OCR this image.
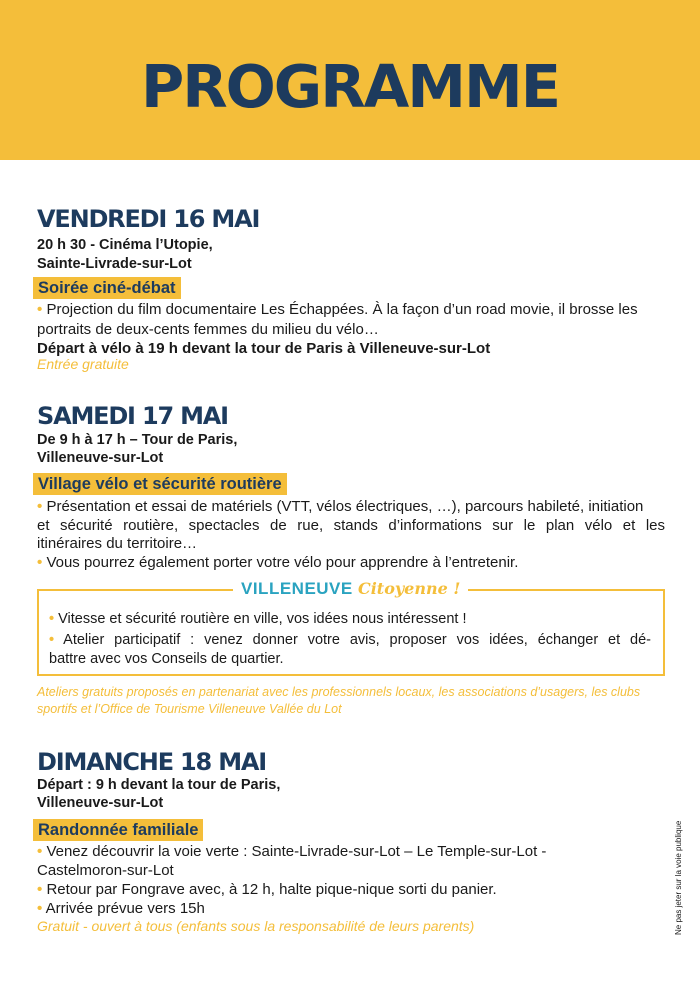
PROGRAMME
VENDREDI 16 MAI
20 h 30 - Cinéma l’Utopie,
Sainte-Livrade-sur-Lot
Soirée ciné-débat
• Projection du film documentaire Les Échappées. À la façon d’un road movie, il brosse les
portraits de deux-cents femmes du milieu du vélo…
Départ à vélo à 19 h devant la tour de Paris à Villeneuve-sur-Lot
Entrée gratuite
SAMEDI 17 MAI
De 9 h à 17 h – Tour de Paris,
Villeneuve-sur-Lot
Village vélo et sécurité routière
• Présentation et essai de matériels (VTT, vélos électriques, …), parcours habileté, initiation
et sécurité routière, spectacles de rue, stands d’informations sur le plan vélo et les
itinéraires du territoire…
• Vous pourrez également porter votre vélo pour apprendre à l’entretenir.
• Vitesse et sécurité routière en ville, vos idées nous intéressent !
• Atelier participatif : venez donner votre avis, proposer vos idées, échanger et dé-
battre avec vos Conseils de quartier.
VILLENEUVE Citoyenne !
Ateliers gratuits proposés en partenariat avec les professionnels locaux, les associations d’usagers, les clubs
sportifs et l’Office de Tourisme Villeneuve Vallée du Lot
DIMANCHE 18 MAI
Départ : 9 h devant la tour de Paris,
Villeneuve-sur-Lot
Randonnée familiale
• Venez découvrir la voie verte : Sainte-Livrade-sur-Lot – Le Temple-sur-Lot -
Castelmoron-sur-Lot
• Retour par Fongrave avec, à 12 h, halte pique-nique sorti du panier.
• Arrivée prévue vers 15h
Gratuit - ouvert à tous (enfants sous la responsabilité de leurs parents)	Ne pas jeter sur la voie publique
